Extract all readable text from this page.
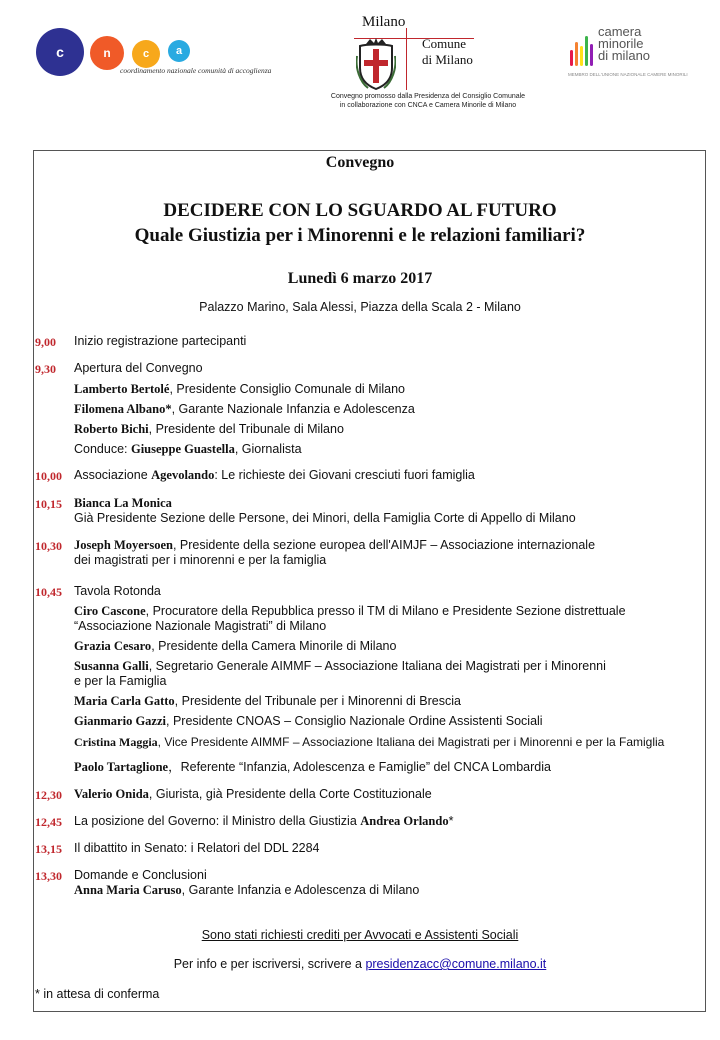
c	n	c	a
coordinamento nazionale comunità di accoglienza
Milano
Comune
di Milano
Convegno promosso dalla Presidenza del Consiglio Comunale
in collaborazione con CNCA e Camera Minorile di Milano
camera
minorile
di milano
MEMBRO DELL'UNIONE NAZIONALE CAMERE MINORILI
Convegno
DECIDERE CON LO SGUARDO AL FUTURO
Quale Giustizia per i Minorenni e le relazioni familiari?
Lunedì 6 marzo 2017
Palazzo Marino, Sala Alessi, Piazza della Scala 2 - Milano
9,00 Inizio registrazione partecipanti
9,30 Apertura del Convegno
Lamberto Bertolé, Presidente Consiglio Comunale di Milano
Filomena Albano*, Garante Nazionale Infanzia e Adolescenza
Roberto Bichi, Presidente del Tribunale di Milano
Conduce: Giuseppe Guastella, Giornalista
10,00 Associazione Agevolando: Le richieste dei Giovani cresciuti fuori famiglia
10,15 Bianca La Monica
Già Presidente Sezione delle Persone, dei Minori, della Famiglia Corte di Appello di Milano
10,30 Joseph Moyersoen, Presidente della sezione europea dell'AIMJF – Associazione internazionale
dei magistrati per i minorenni e per la famiglia
10,45 Tavola Rotonda
Ciro Cascone, Procuratore della Repubblica presso il TM di Milano e Presidente Sezione distrettuale
“Associazione Nazionale Magistrati” di Milano
Grazia Cesaro, Presidente della Camera Minorile di Milano
Susanna Galli, Segretario Generale AIMMF – Associazione Italiana dei Magistrati per i Minorenni
e per la Famiglia
Maria Carla Gatto, Presidente del Tribunale per i Minorenni di Brescia
Gianmario Gazzi, Presidente CNOAS – Consiglio Nazionale Ordine Assistenti Sociali
Cristina Maggia, Vice Presidente AIMMF – Associazione Italiana dei Magistrati per i Minorenni e per la Famiglia
Paolo Tartaglione，Referente “Infanzia, Adolescenza e Famiglie” del CNCA Lombardia
12,30 Valerio Onida, Giurista, già Presidente della Corte Costituzionale
12,45 La posizione del Governo: il Ministro della Giustizia Andrea Orlando*
13,15 Il dibattito in Senato: i Relatori del DDL 2284
13,30 Domande e Conclusioni
Anna Maria Caruso, Garante Infanzia e Adolescenza di Milano
Sono stati richiesti crediti per Avvocati e Assistenti Sociali
Per info e per iscriversi, scrivere a presidenzacc@comune.milano.it
* in attesa di conferma
